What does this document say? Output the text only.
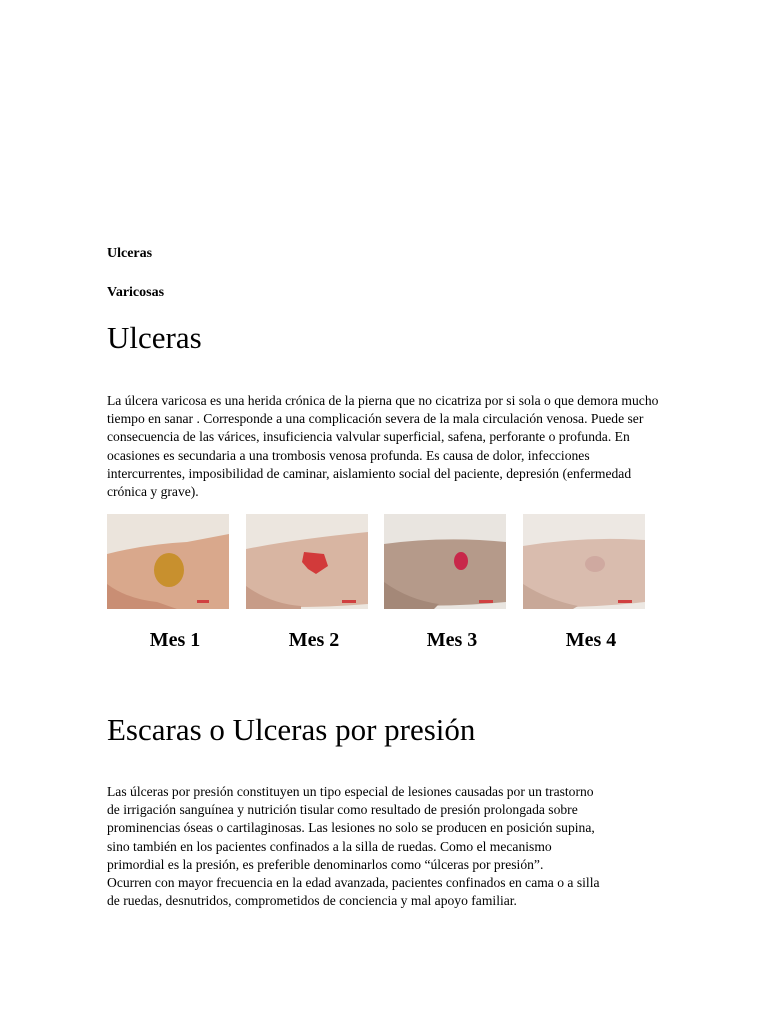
Ulceras

Varicosas

Ulceras

La úlcera varicosa es una herida crónica de la pierna que no cicatriza por si sola o que demora mucho tiempo en sanar . Corresponde a una complicación severa de la mala circulación venosa. Puede ser consecuencia de las várices, insuficiencia valvular superficial, safena, perforante o profunda. En ocasiones es secundaria a una trombosis venosa profunda. Es causa de dolor, infecciones intercurrentes, imposibilidad de caminar, aislamiento social del paciente, depresión (enfermedad crónica y grave).

Mes 1	Mes 2	Mes 3	Mes 4
Escaras o Ulceras por presión
Las úlceras por presión constituyen un tipo especial de lesiones causadas por un trastorno
de irrigación sanguínea y nutrición tisular como resultado de presión prolongada sobre
prominencias óseas o cartilaginosas. Las lesiones no solo se producen en posición supina,
sino también en los pacientes confinados a la silla de ruedas. Como el mecanismo
primordial es la presión, es preferible denominarlos como “úlceras por presión”.
Ocurren con mayor frecuencia en la edad avanzada, pacientes confinados en cama o a silla
de ruedas, desnutridos, comprometidos de conciencia y mal apoyo familiar.
